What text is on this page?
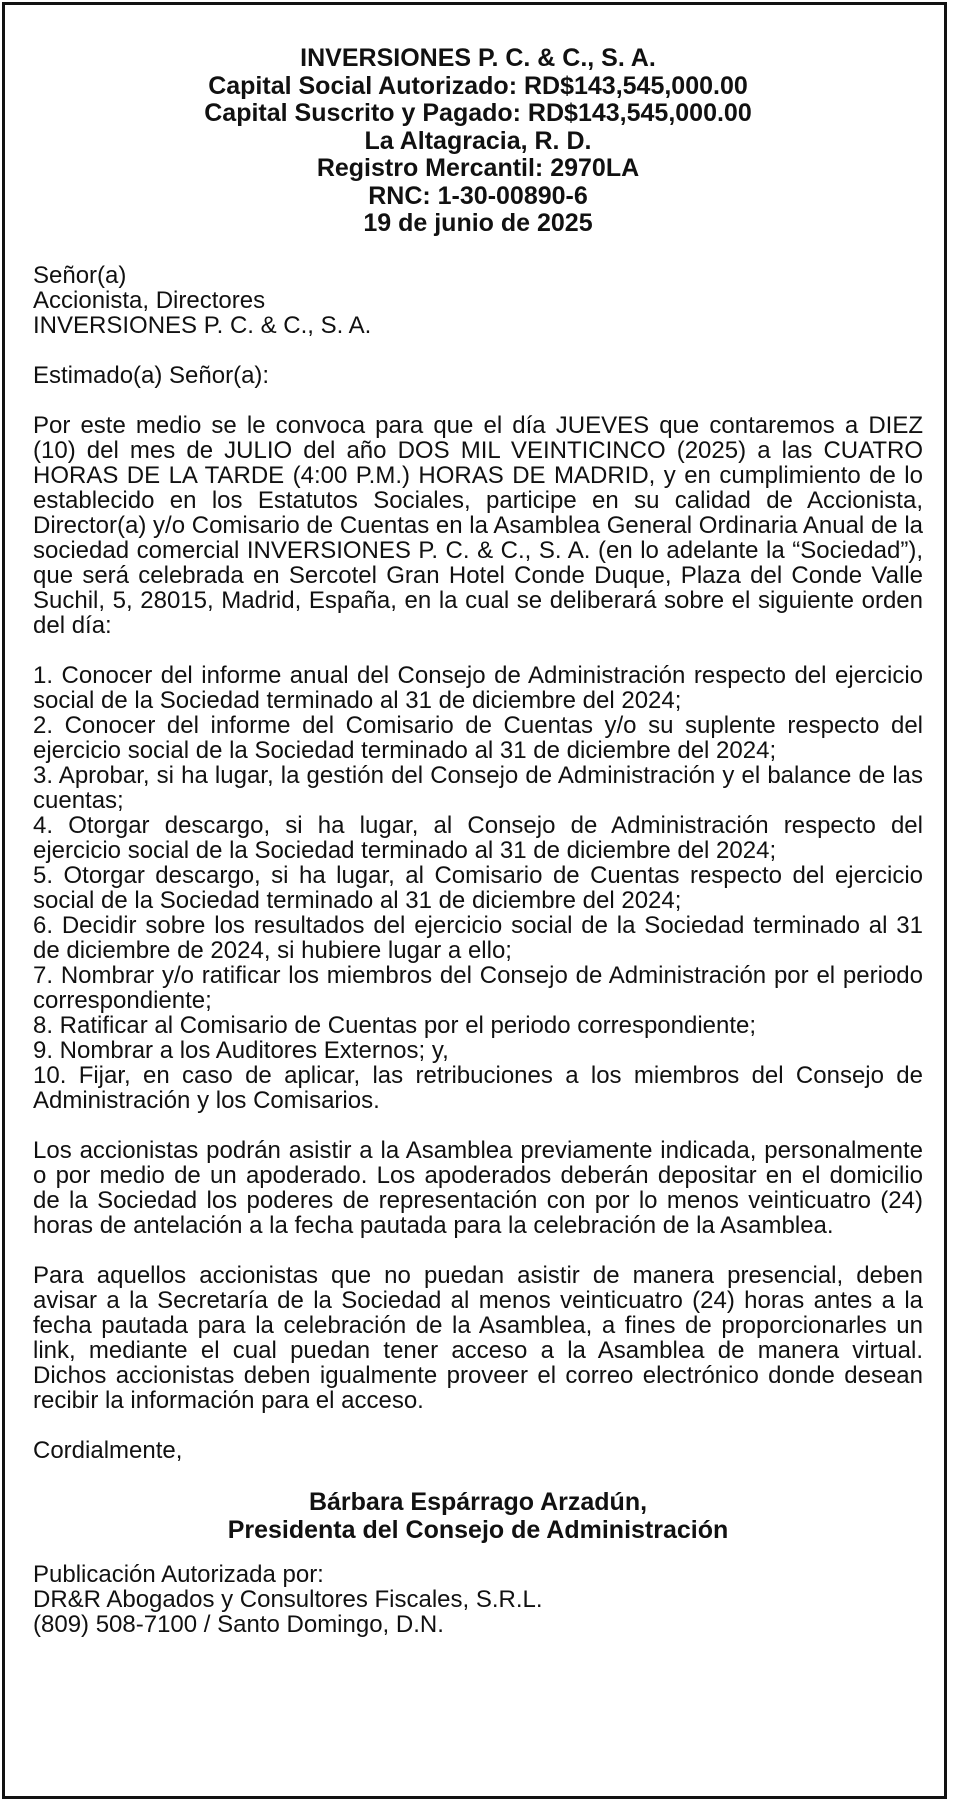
INVERSIONES P. C. & C., S. A.
Capital Social Autorizado: RD$143,545,000.00
Capital Suscrito y Pagado: RD$143,545,000.00
La Altagracia, R. D.
Registro Mercantil: 2970LA
RNC: 1-30-00890-6
19 de junio de 2025

Señor(a)

Accionista, Directores

INVERSIONES P. C. & C., S. A.

Estimado(a) Señor(a):

Por este medio se le convoca para que el día JUEVES que contaremos a DIEZ (10) del mes de JULIO del año DOS MIL VEINTICINCO (2025) a las CUATRO HORAS DE LA TARDE (4:00 P.M.) HORAS DE MADRID, y en cumplimiento de lo establecido en los Estatutos Sociales, participe en su calidad de Accionista, Director(a) y/o Comisario de Cuentas en la Asamblea General Ordinaria Anual de la sociedad comercial INVERSIONES P. C. & C., S. A. (en lo adelante la “Sociedad”), que será celebrada en Sercotel Gran Hotel Conde Duque, Plaza del Conde Valle Suchil, 5, 28015, Madrid, España, en la cual se deliberará sobre el siguiente orden del día:

1. Conocer del informe anual del Consejo de Administración respecto del ejercicio social de la Sociedad terminado al 31 de diciembre del 2024;
2. Conocer del informe del Comisario de Cuentas y/o su suplente respecto del ejercicio social de la Sociedad terminado al 31 de diciembre del 2024;
3. Aprobar, si ha lugar, la gestión del Consejo de Administración y el balance de las cuentas;
4. Otorgar descargo, si ha lugar, al Consejo de Administración respecto del ejercicio social de la Sociedad terminado al 31 de diciembre del 2024;
5. Otorgar descargo, si ha lugar, al Comisario de Cuentas respecto del ejercicio social de la Sociedad terminado al 31 de diciembre del 2024;
6. Decidir sobre los resultados del ejercicio social de la Sociedad terminado al 31 de diciembre de 2024, si hubiere lugar a ello;
7. Nombrar y/o ratificar los miembros del Consejo de Administración por el periodo correspondiente;
8. Ratificar al Comisario de Cuentas por el periodo correspondiente;
9. Nombrar a los Auditores Externos; y,
10. Fijar, en caso de aplicar, las retribuciones a los miembros del Consejo de Administración y los Comisarios.

Los accionistas podrán asistir a la Asamblea previamente indicada, personalmente o por medio de un apoderado. Los apoderados deberán depositar en el domicilio de la Sociedad los poderes de representación con por lo menos veinticuatro (24) horas de antelación a la fecha pautada para la celebración de la Asamblea.

Para aquellos accionistas que no puedan asistir de manera presencial, deben avisar a la Secretaría de la Sociedad al menos veinticuatro (24) horas antes a la fecha pautada para la celebración de la Asamblea, a fines de proporcionarles un link, mediante el cual puedan tener acceso a la Asamblea de manera virtual. Dichos accionistas deben igualmente proveer el correo electrónico donde desean recibir la información para el acceso.

Cordialmente,

Bárbara Espárrago Arzadún,
Presidenta del Consejo de Administración

Publicación Autorizada por:

DR&R Abogados y Consultores Fiscales, S.R.L.

(809) 508-7100 / Santo Domingo, D.N.
